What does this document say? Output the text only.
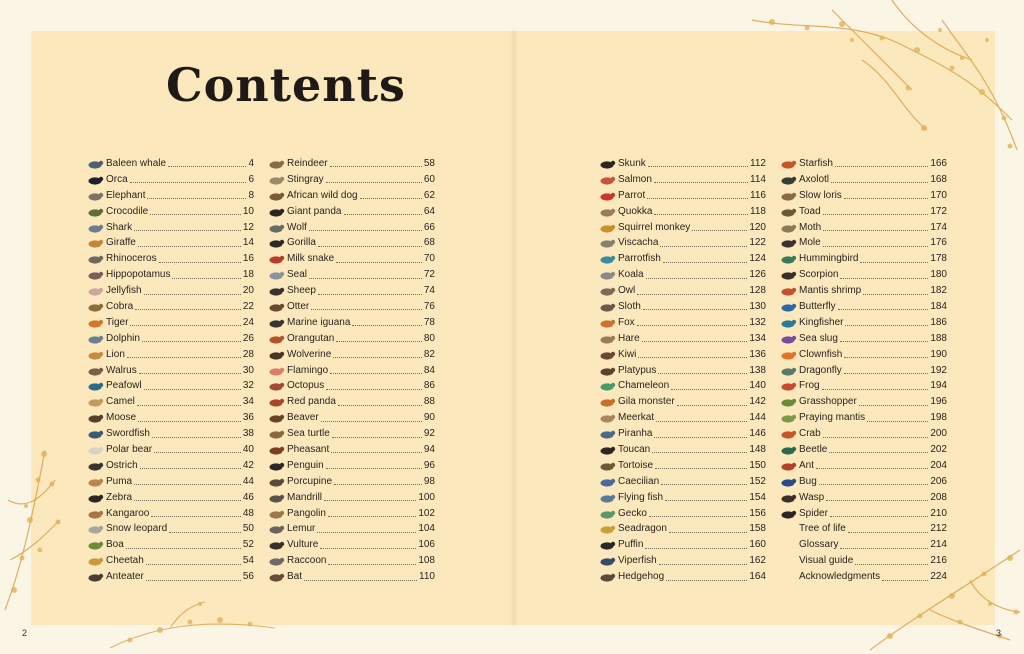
Contents
Baleen whale	4
Orca	6
Elephant	8
Crocodile	10
Shark	12
Giraffe	14
Rhinoceros	16
Hippopotamus	18
Jellyfish	20
Cobra	22
Tiger	24
Dolphin	26
Lion	28
Walrus	30
Peafowl	32
Camel	34
Moose	36
Swordfish	38
Polar bear	40
Ostrich	42
Puma	44
Zebra	46
Kangaroo	48
Snow leopard	50
Boa	52
Cheetah	54
Anteater	56
Reindeer	58
Stingray	60
African wild dog	62
Giant panda	64
Wolf	66
Gorilla	68
Milk snake	70
Seal	72
Sheep	74
Otter	76
Marine iguana	78
Orangutan	80
Wolverine	82
Flamingo	84
Octopus	86
Red panda	88
Beaver	90
Sea turtle	92
Pheasant	94
Penguin	96
Porcupine	98
Mandrill	100
Pangolin	102
Lemur	104
Vulture	106
Raccoon	108
Bat	110
Skunk	112
Salmon	114
Parrot	116
Quokka	118
Squirrel monkey	120
Viscacha	122
Parrotfish	124
Koala	126
Owl	128
Sloth	130
Fox	132
Hare	134
Kiwi	136
Platypus	138
Chameleon	140
Gila monster	142
Meerkat	144
Piranha	146
Toucan	148
Tortoise	150
Caecilian	152
Flying fish	154
Gecko	156
Seadragon	158
Puffin	160
Viperfish	162
Hedgehog	164
Starfish	166
Axolotl	168
Slow loris	170
Toad	172
Moth	174
Mole	176
Hummingbird	178
Scorpion	180
Mantis shrimp	182
Butterfly	184
Kingfisher	186
Sea slug	188
Clownfish	190
Dragonfly	192
Frog	194
Grasshopper	196
Praying mantis	198
Crab	200
Beetle	202
Ant	204
Bug	206
Wasp	208
Spider	210
Tree of life	212
Glossary	214
Visual guide	216
Acknowledgments	224
2	3
